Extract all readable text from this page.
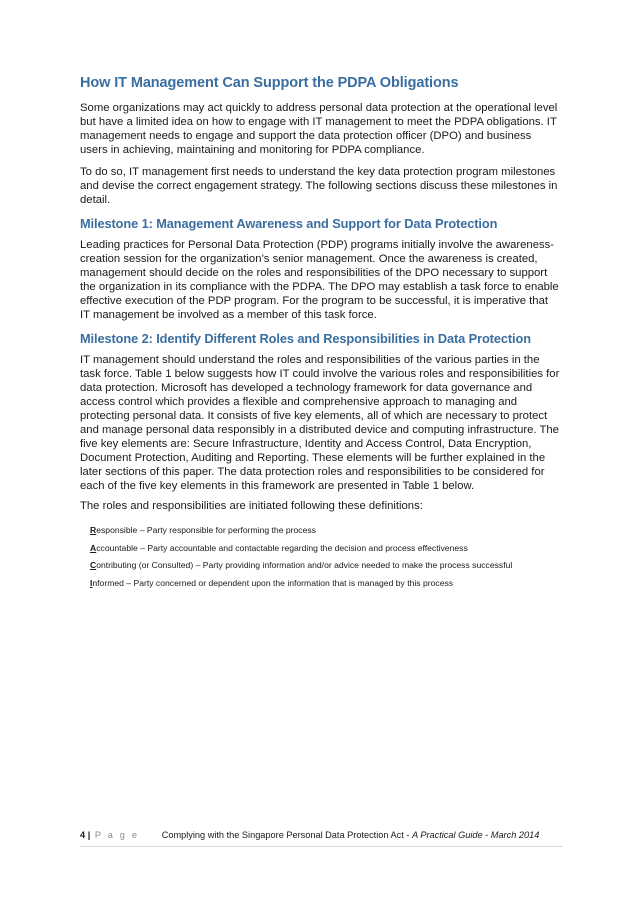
How IT Management Can Support the PDPA Obligations

Some organizations may act quickly to address personal data protection at the operational level but have a limited idea on how to engage with IT management to meet the PDPA obligations. IT management needs to engage and support the data protection officer (DPO) and business users in achieving, maintaining and monitoring for PDPA compliance.

To do so, IT management first needs to understand the key data protection program milestones and devise the correct engagement strategy. The following sections discuss these milestones in detail.

Milestone 1: Management Awareness and Support for Data Protection

Leading practices for Personal Data Protection (PDP) programs initially involve the awareness-creation session for the organization’s senior management. Once the awareness is created, management should decide on the roles and responsibilities of the DPO necessary to support the organization in its compliance with the PDPA. The DPO may establish a task force to enable effective execution of the PDP program. For the program to be successful, it is imperative that IT management be involved as a member of this task force.

Milestone 2: Identify Different Roles and Responsibilities in Data Protection

IT management should understand the roles and responsibilities of the various parties in the task force. Table 1 below suggests how IT could involve the various roles and responsibilities for data protection. Microsoft has developed a technology framework for data governance and access control which provides a flexible and comprehensive approach to managing and protecting personal data. It consists of five key elements, all of which are necessary to protect and manage personal data responsibly in a distributed device and computing infrastructure. The five key elements are: Secure Infrastructure, Identity and Access Control, Data Encryption, Document Protection, Auditing and Reporting. These elements will be further explained in the later sections of this paper. The data protection roles and responsibilities to be considered for each of the five key elements in this framework are presented in Table 1 below.

The roles and responsibilities are initiated following these definitions:

Responsible – Party responsible for performing the process
Accountable – Party accountable and contactable regarding the decision and process effectiveness
Contributing (or Consulted) – Party providing information and/or advice needed to make the process successful
Informed – Party concerned or dependent upon the information that is managed by this process
4 | P a g e Complying with the Singapore Personal Data Protection Act - A Practical Guide - March 2014
